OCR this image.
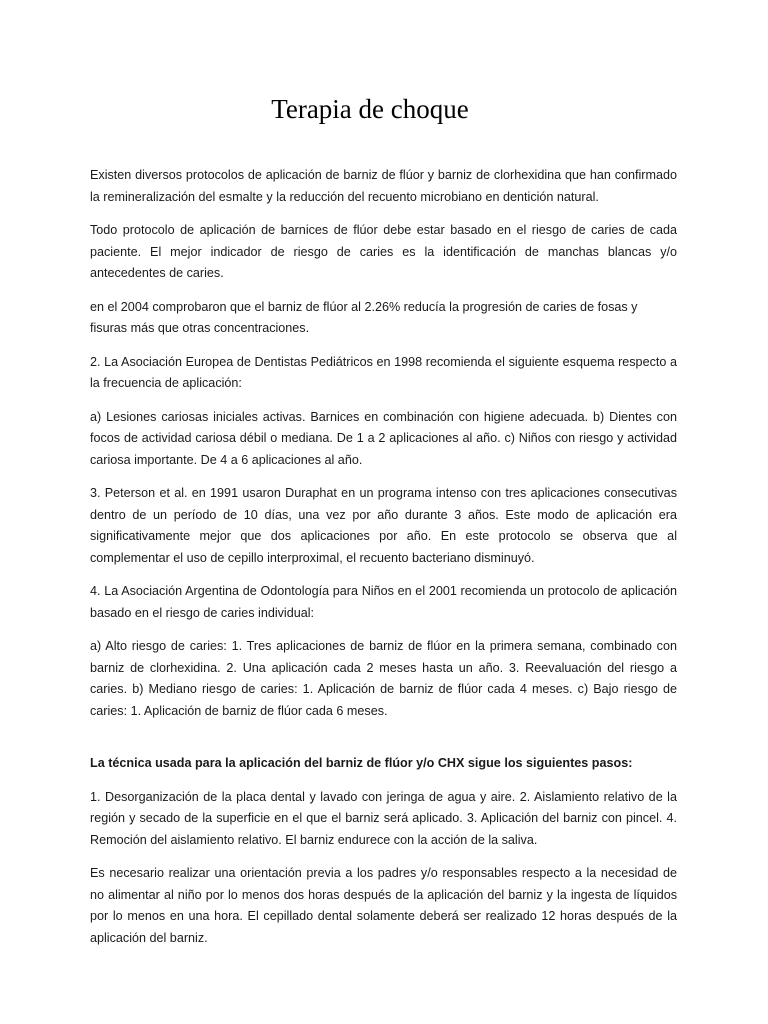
Terapia de choque

Existen diversos protocolos de aplicación de barniz de flúor y barniz de clorhexidina que han confirmado la remineralización del esmalte y la reducción del recuento microbiano en dentición natural.

Todo protocolo de aplicación de barnices de flúor debe estar basado en el riesgo de caries de cada paciente. El mejor indicador de riesgo de caries es la identificación de manchas blancas y/o antecedentes de caries.

en el 2004 comprobaron que el barniz de flúor al 2.26% reducía la progresión de caries de fosas y fisuras más que otras concentraciones.

2. La Asociación Europea de Dentistas Pediátricos en 1998 recomienda el siguiente esquema respecto a la frecuencia de aplicación:

a) Lesiones cariosas iniciales activas. Barnices en combinación con higiene adecuada. b) Dientes con focos de actividad cariosa débil o mediana. De 1 a 2 aplicaciones al año. c) Niños con riesgo y actividad cariosa importante. De 4 a 6 aplicaciones al año.

3. Peterson et al. en 1991 usaron Duraphat en un programa intenso con tres aplicaciones consecutivas dentro de un período de 10 días, una vez por año durante 3 años. Este modo de aplicación era significativamente mejor que dos aplicaciones por año. En este protocolo se observa que al complementar el uso de cepillo interproximal, el recuento bacteriano disminuyó.

4. La Asociación Argentina de Odontología para Niños en el 2001 recomienda un protocolo de aplicación basado en el riesgo de caries individual:

a) Alto riesgo de caries: 1. Tres aplicaciones de barniz de flúor en la primera semana, combinado con barniz de clorhexidina. 2. Una aplicación cada 2 meses hasta un año. 3. Reevaluación del riesgo a caries. b) Mediano riesgo de caries: 1. Aplicación de barniz de flúor cada 4 meses. c) Bajo riesgo de caries: 1. Aplicación de barniz de flúor cada 6 meses.

La técnica usada para la aplicación del barniz de flúor y/o CHX sigue los siguientes pasos:

1. Desorganización de la placa dental y lavado con jeringa de agua y aire. 2. Aislamiento relativo de la región y secado de la superficie en el que el barniz será aplicado. 3. Aplicación del barniz con pincel. 4. Remoción del aislamiento relativo. El barniz endurece con la acción de la saliva.

Es necesario realizar una orientación previa a los padres y/o responsables respecto a la necesidad de no alimentar al niño por lo menos dos horas después de la aplicación del barniz y la ingesta de líquidos por lo menos en una hora. El cepillado dental solamente deberá ser realizado 12 horas después de la aplicación del barniz.
